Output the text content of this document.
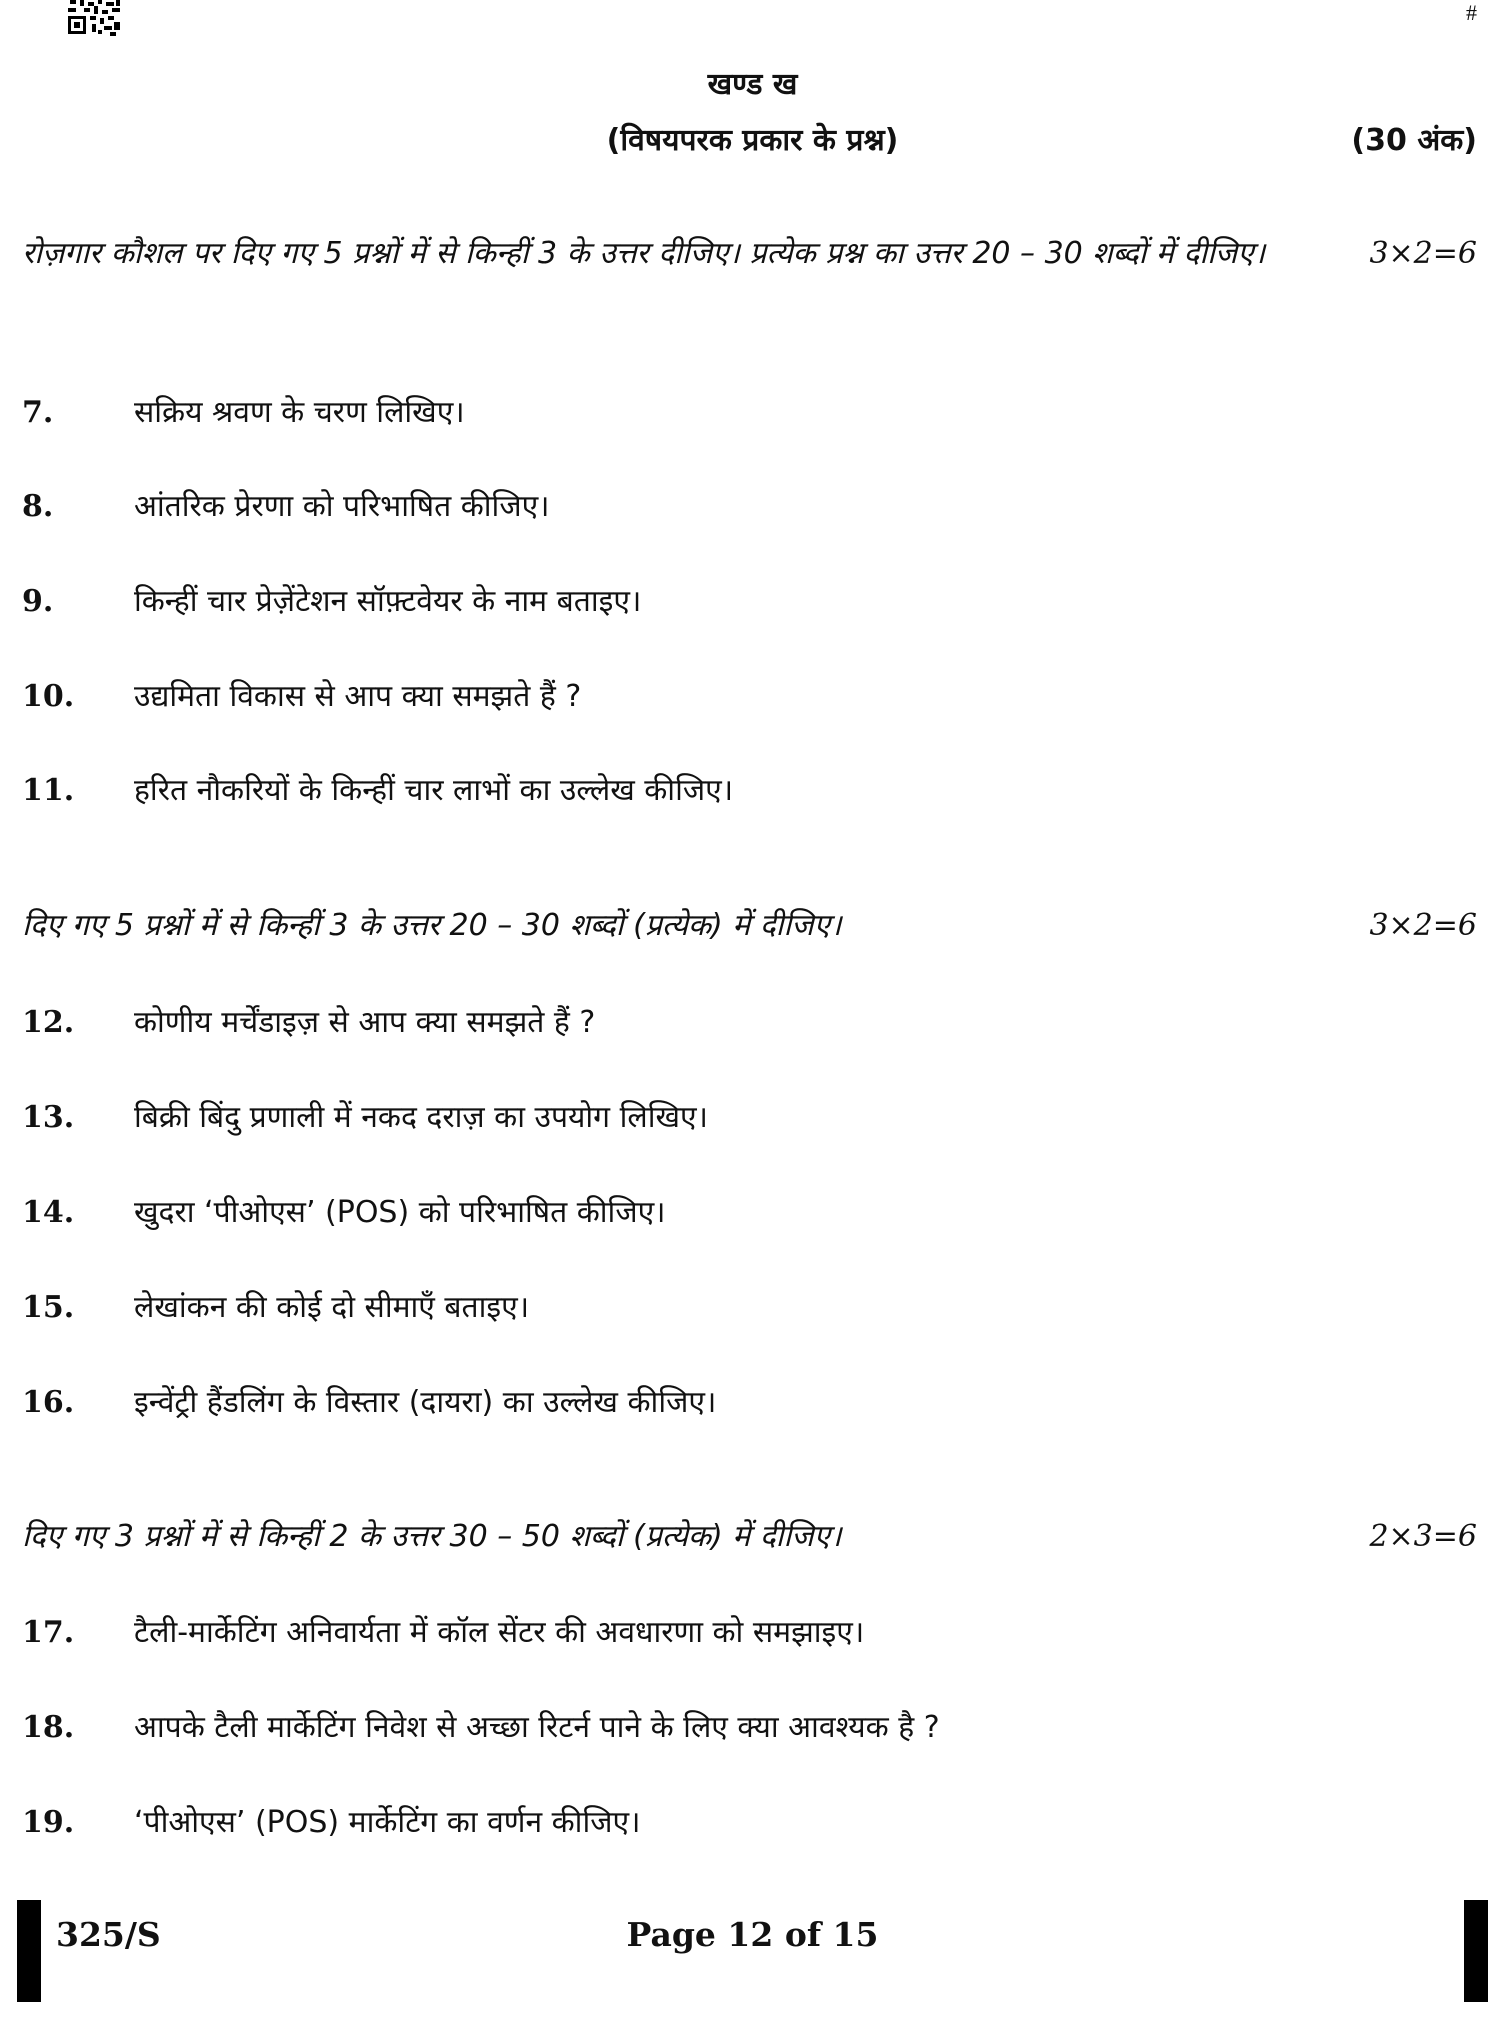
#
खण्ड ख
(विषयपरक प्रकार के प्रश्न)	(30 अंक)
रोज़गार कौशल पर दिए गए 5 प्रश्नों में से किन्हीं 3 के उत्तर दीजिए। प्रत्येक प्रश्न का उत्तर 20 – 30 शब्दों में दीजिए।	3×2=6
7.	सक्रिय श्रवण के चरण लिखिए।
8.	आंतरिक प्रेरणा को परिभाषित कीजिए।
9.	किन्हीं चार प्रेज़ेंटेशन सॉफ़्टवेयर के नाम बताइए।
10. उद्यमिता विकास से आप क्या समझते हैं ?
11. हरित नौकरियों के किन्हीं चार लाभों का उल्लेख कीजिए।
दिए गए 5 प्रश्नों में से किन्हीं 3 के उत्तर 20 – 30 शब्दों (प्रत्येक) में दीजिए।	3×2=6
12. कोणीय मर्चेंडाइज़ से आप क्या समझते हैं ?
13. बिक्री बिंदु प्रणाली में नकद दराज़ का उपयोग लिखिए।
14. खुदरा ‘पीओएस’ (POS) को परिभाषित कीजिए।
15. लेखांकन की कोई दो सीमाएँ बताइए।
16. इन्वेंट्री हैंडलिंग के विस्तार (दायरा) का उल्लेख कीजिए।
दिए गए 3 प्रश्नों में से किन्हीं 2 के उत्तर 30 – 50 शब्दों (प्रत्येक) में दीजिए।	2×3=6
17. टैली-मार्केटिंग अनिवार्यता में कॉल सेंटर की अवधारणा को समझाइए।
18. आपके टैली मार्केटिंग निवेश से अच्छा रिटर्न पाने के लिए क्या आवश्यक है ?
19. ‘पीओएस’ (POS) मार्केटिंग का वर्णन कीजिए।
325/S	Page 12 of 15
